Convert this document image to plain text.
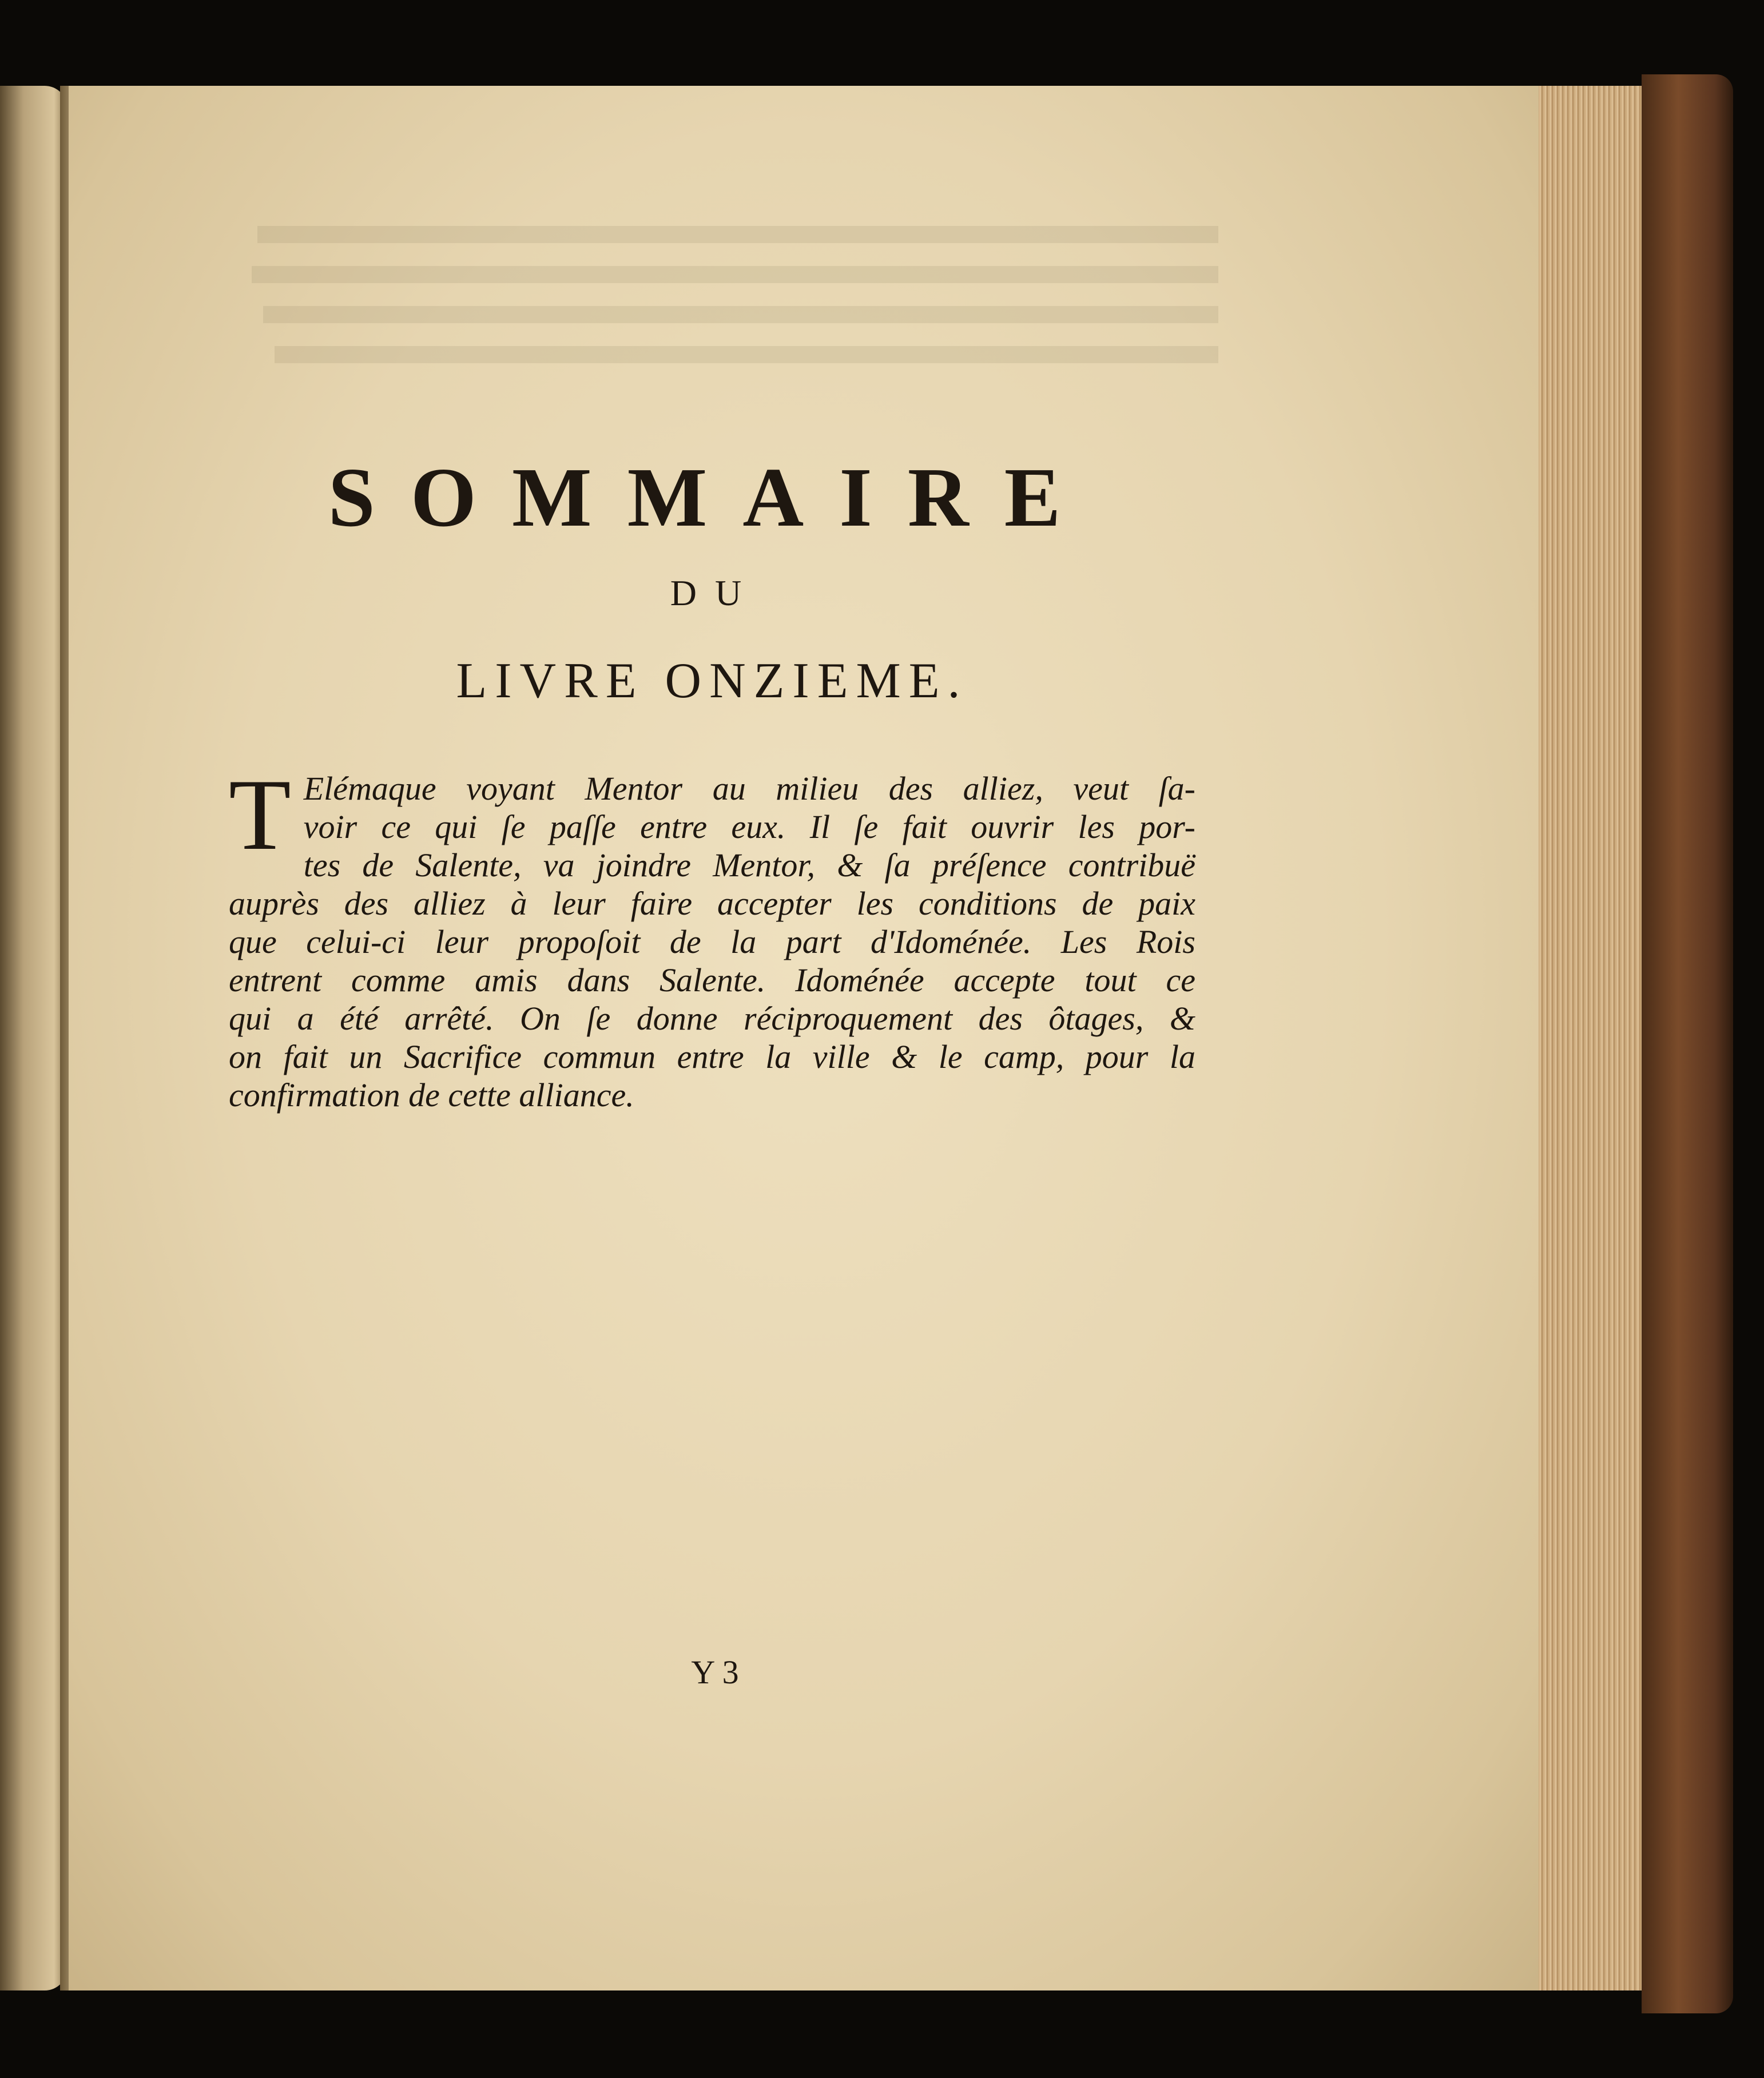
SOMMAIRE
DU
LIVRE ONZIEME.
T Elémaque voyant Mentor au milieu des alliez, veut ſa-
voir ce qui ſe paſſe entre eux. Il ſe fait ouvrir les por-
tes de Salente, va joindre Mentor, & ſa préſence contribuë
auprès des alliez à leur faire accepter les conditions de paix
que celui-ci leur propoſoit de la part d'Idoménée. Les Rois
entrent comme amis dans Salente. Idoménée accepte tout ce
qui a été arrêté. On ſe donne réciproquement des ôtages, &
on fait un Sacrifice commun entre la ville & le camp, pour la
confirmation de cette alliance.
Y 3
